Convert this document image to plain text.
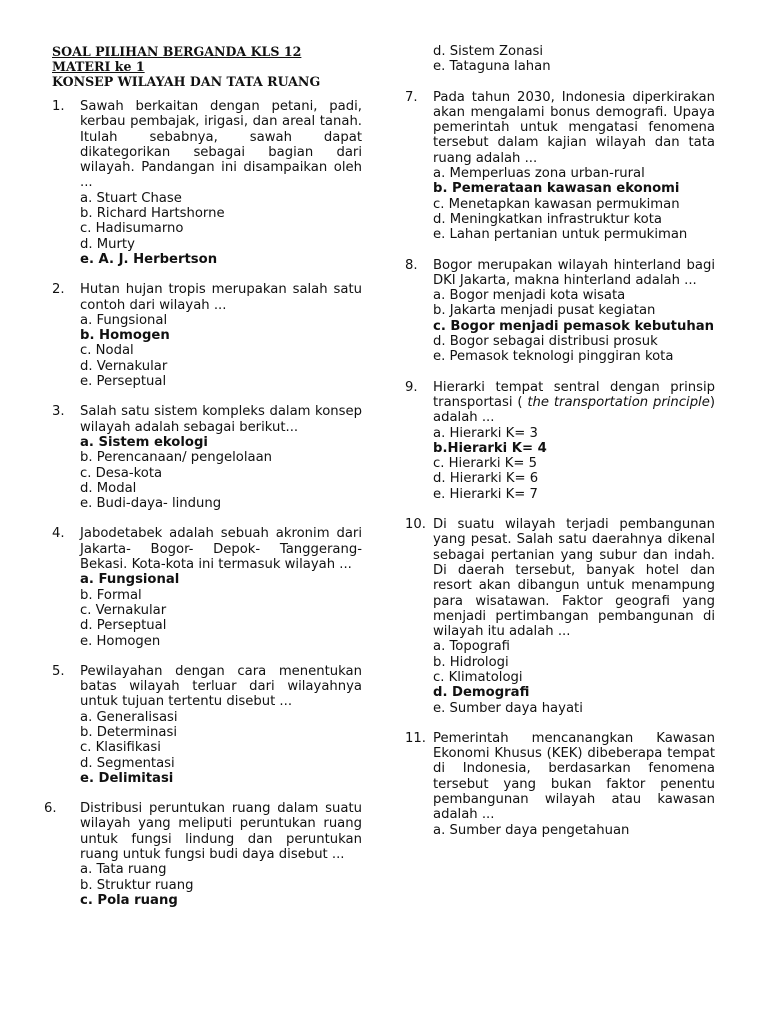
SOAL PILIHAN BERGANDA KLS 12
MATERI ke 1
KONSEP WILAYAH DAN TATA RUANG
1. Sawah berkaitan dengan petani, padi, kerbau pembajak, irigasi, dan areal tanah. Itulah sebabnya, sawah dapat dikategorikan sebagai bagian dari wilayah. Pandangan ini disampaikan oleh ...
a. Stuart Chase
b. Richard Hartshorne
c. Hadisumarno
d. Murty
e. A. J. Herbertson
2. Hutan hujan tropis merupakan salah satu contoh dari wilayah ...
a. Fungsional
b. Homogen
c. Nodal
d. Vernakular
e. Perseptual
3. Salah satu sistem kompleks dalam konsep wilayah adalah sebagai berikut...
a. Sistem ekologi
b. Perencanaan/ pengelolaan
c. Desa-kota
d. Modal
e. Budi-daya- lindung
4. Jabodetabek adalah sebuah akronim dari Jakarta- Bogor- Depok- Tanggerang- Bekasi. Kota-kota ini termasuk wilayah ...
a. Fungsional
b. Formal
c. Vernakular
d. Perseptual
e. Homogen
5. Pewilayahan dengan cara menentukan batas wilayah terluar dari wilayahnya untuk tujuan tertentu disebut ...
a. Generalisasi
b. Determinasi
c. Klasifikasi
d. Segmentasi
e. Delimitasi
6. Distribusi peruntukan ruang dalam suatu wilayah yang meliputi peruntukan ruang untuk fungsi lindung dan peruntukan ruang untuk fungsi budi daya disebut ...
a. Tata ruang
b. Struktur ruang
c. Pola ruang
d. Sistem Zonasi
e. Tataguna lahan
7. Pada tahun 2030, Indonesia diperkirakan akan mengalami bonus demografi. Upaya pemerintah untuk mengatasi fenomena tersebut dalam kajian wilayah dan tata ruang adalah ...
a. Memperluas zona urban-rural
b. Pemerataan kawasan ekonomi
c. Menetapkan kawasan permukiman
d. Meningkatkan infrastruktur kota
e. Lahan pertanian untuk permukiman
8. Bogor merupakan wilayah hinterland bagi DKI Jakarta, makna hinterland adalah ...
a. Bogor menjadi kota wisata
b. Jakarta menjadi pusat kegiatan
c. Bogor menjadi pemasok kebutuhan
d. Bogor sebagai distribusi prosuk
e. Pemasok teknologi pinggiran kota
9. Hierarki tempat sentral dengan prinsip transportasi ( the transportation principle) adalah ...
a. Hierarki K= 3
b.Hierarki K= 4
c. Hierarki K= 5
d. Hierarki K= 6
e. Hierarki K= 7
10. Di suatu wilayah terjadi pembangunan yang pesat. Salah satu daerahnya dikenal sebagai pertanian yang subur dan indah. Di daerah tersebut, banyak hotel dan resort akan dibangun untuk menampung para wisatawan. Faktor geografi yang menjadi pertimbangan pembangunan di wilayah itu adalah ...
a. Topografi
b. Hidrologi
c. Klimatologi
d. Demografi
e. Sumber daya hayati
11. Pemerintah mencanangkan Kawasan Ekonomi Khusus (KEK) dibeberapa tempat di Indonesia, berdasarkan fenomena tersebut yang bukan faktor penentu pembangunan wilayah atau kawasan adalah ...
a. Sumber daya pengetahuan
